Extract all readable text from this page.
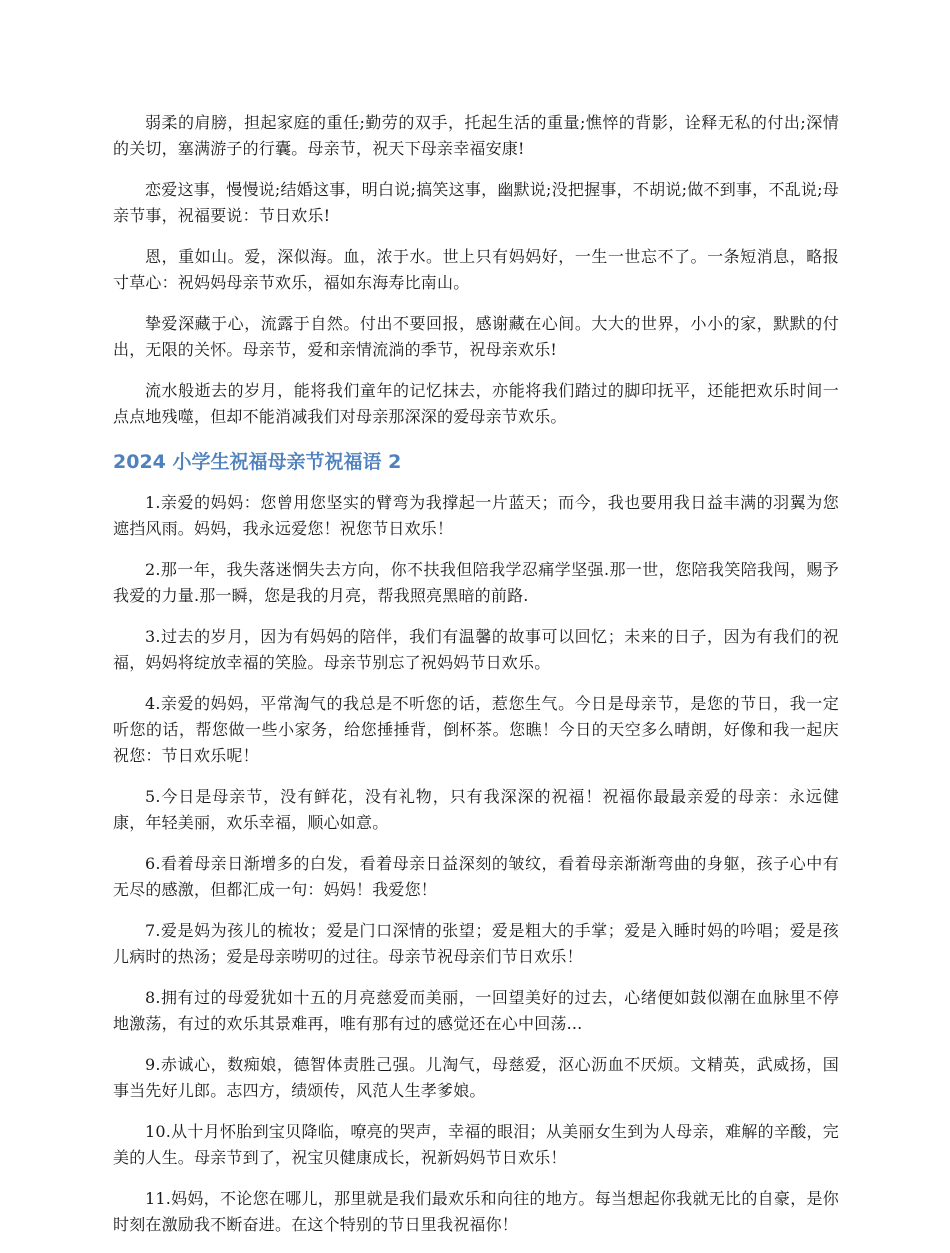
弱柔的肩膀，担起家庭的重任;勤劳的双手，托起生活的重量;憔悴的背影，诠释无私的付出;深情的关切，塞满游子的行囊。母亲节，祝天下母亲幸福安康!

恋爱这事，慢慢说;结婚这事，明白说;搞笑这事，幽默说;没把握事，不胡说;做不到事，不乱说;母亲节事，祝福要说：节日欢乐!

恩，重如山。爱，深似海。血，浓于水。世上只有妈妈好，一生一世忘不了。一条短消息，略报寸草心：祝妈妈母亲节欢乐，福如东海寿比南山。

挚爱深藏于心，流露于自然。付出不要回报，感谢藏在心间。大大的世界，小小的家，默默的付出，无限的关怀。母亲节，爱和亲情流淌的季节，祝母亲欢乐!

流水般逝去的岁月，能将我们童年的记忆抹去，亦能将我们踏过的脚印抚平，还能把欢乐时间一点点地残噬，但却不能消减我们对母亲那深深的爱母亲节欢乐。

2024 小学生祝福母亲节祝福语 2

1.亲爱的妈妈：您曾用您坚实的臂弯为我撑起一片蓝天；而今，我也要用我日益丰满的羽翼为您遮挡风雨。妈妈，我永远爱您！祝您节日欢乐！

2.那一年，我失落迷惘失去方向，你不扶我但陪我学忍痛学坚强.那一世，您陪我笑陪我闯，赐予我爱的力量.那一瞬，您是我的月亮，帮我照亮黑暗的前路.

3.过去的岁月，因为有妈妈的陪伴，我们有温馨的故事可以回忆；未来的日子，因为有我们的祝福，妈妈将绽放幸福的笑脸。母亲节别忘了祝妈妈节日欢乐。

4.亲爱的妈妈，平常淘气的我总是不听您的话，惹您生气。今日是母亲节，是您的节日，我一定听您的话，帮您做一些小家务，给您捶捶背，倒杯茶。您瞧！今日的天空多么晴朗，好像和我一起庆祝您：节日欢乐呢！

5.今日是母亲节，没有鲜花，没有礼物，只有我深深的祝福！祝福你最最亲爱的母亲：永远健康，年轻美丽，欢乐幸福，顺心如意。

6.看着母亲日渐增多的白发，看着母亲日益深刻的皱纹，看着母亲渐渐弯曲的身躯，孩子心中有无尽的感激，但都汇成一句：妈妈！我爱您！

7.爱是妈为孩儿的梳妆；爱是门口深情的张望；爱是粗大的手掌；爱是入睡时妈的吟唱；爱是孩儿病时的热汤；爱是母亲唠叨的过往。母亲节祝母亲们节日欢乐！

8.拥有过的母爱犹如十五的月亮慈爱而美丽，一回望美好的过去，心绪便如鼓似潮在血脉里不停地激荡，有过的欢乐其景难再，唯有那有过的感觉还在心中回荡...

9.赤诚心，数痴娘，德智体责胜己强。儿淘气，母慈爱，沤心沥血不厌烦。文精英，武威扬，国事当先好儿郎。志四方，绩颂传，风范人生孝爹娘。

10.从十月怀胎到宝贝降临，嘹亮的哭声，幸福的眼泪；从美丽女生到为人母亲，难解的辛酸，完美的人生。母亲节到了，祝宝贝健康成长，祝新妈妈节日欢乐！

11.妈妈，不论您在哪儿，那里就是我们最欢乐和向往的地方。每当想起你我就无比的自豪，是你时刻在激励我不断奋进。在这个特别的节日里我祝福你！
